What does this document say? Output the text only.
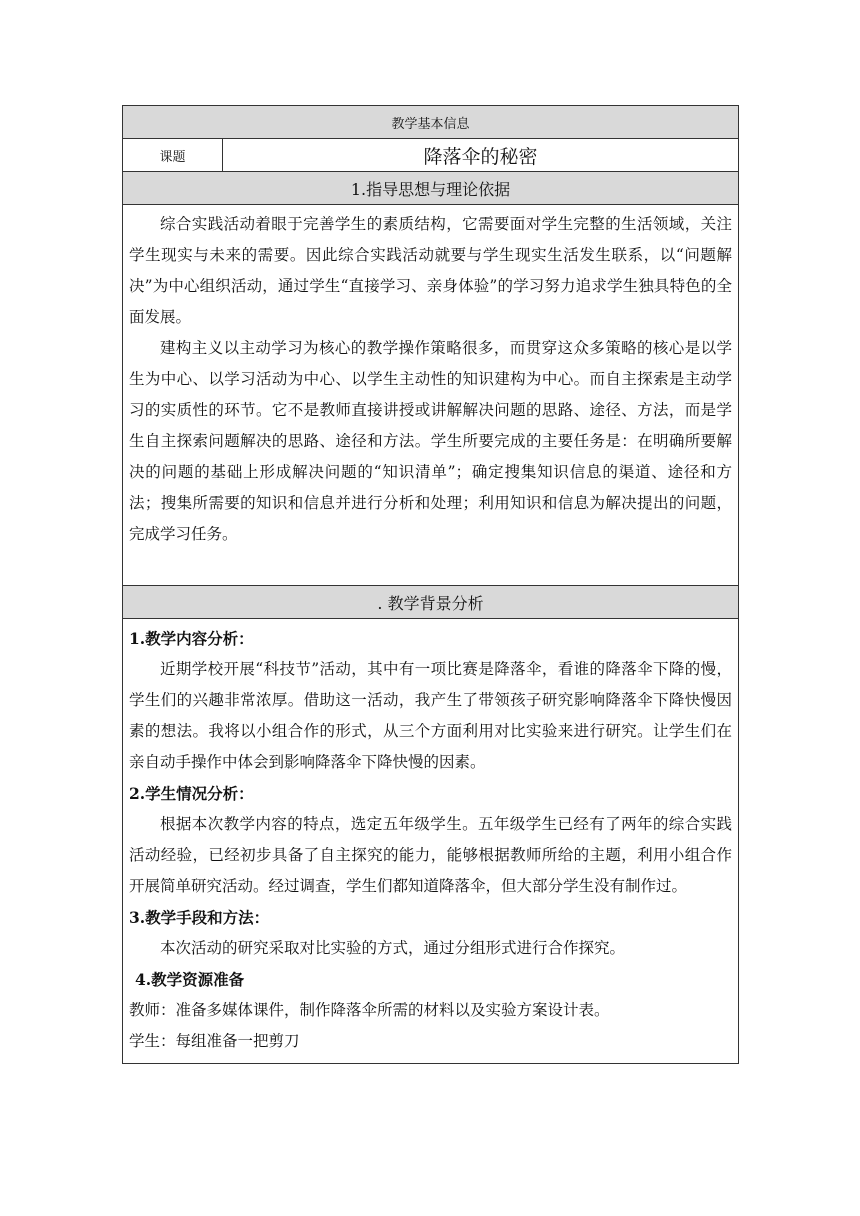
教学基本信息
课题	降落伞的秘密
1.指导思想与理论依据

综合实践活动着眼于完善学生的素质结构，它需要面对学生完整的生活领域，关注学生现实与未来的需要。因此综合实践活动就要与学生现实生活发生联系，以“问题解决”为中心组织活动，通过学生“直接学习、亲身体验”的学习努力追求学生独具特色的全面发展。

建构主义以主动学习为核心的教学操作策略很多，而贯穿这众多策略的核心是以学生为中心、以学习活动为中心、以学生主动性的知识建构为中心。而自主探索是主动学习的实质性的环节。它不是教师直接讲授或讲解解决问题的思路、途径、方法，而是学生自主探索问题解决的思路、途径和方法。学生所要完成的主要任务是：在明确所要解决的问题的基础上形成解决问题的“知识清单”；确定搜集知识信息的渠道、途径和方法；搜集所需要的知识和信息并进行分析和处理；利用知识和信息为解决提出的问题，完成学习任务。

. 教学背景分析

1.教学内容分析：

近期学校开展“科技节”活动，其中有一项比赛是降落伞，看谁的降落伞下降的慢，学生们的兴趣非常浓厚。借助这一活动，我产生了带领孩子研究影响降落伞下降快慢因素的想法。我将以小组合作的形式，从三个方面利用对比实验来进行研究。让学生们在亲自动手操作中体会到影响降落伞下降快慢的因素。

2.学生情况分析：

根据本次教学内容的特点，选定五年级学生。五年级学生已经有了两年的综合实践活动经验，已经初步具备了自主探究的能力，能够根据教师所给的主题，利用小组合作开展简单研究活动。经过调查，学生们都知道降落伞，但大部分学生没有制作过。

3.教学手段和方法：

本次活动的研究采取对比实验的方式，通过分组形式进行合作探究。

4.教学资源准备

教师：准备多媒体课件，制作降落伞所需的材料以及实验方案设计表。

学生：每组准备一把剪刀
